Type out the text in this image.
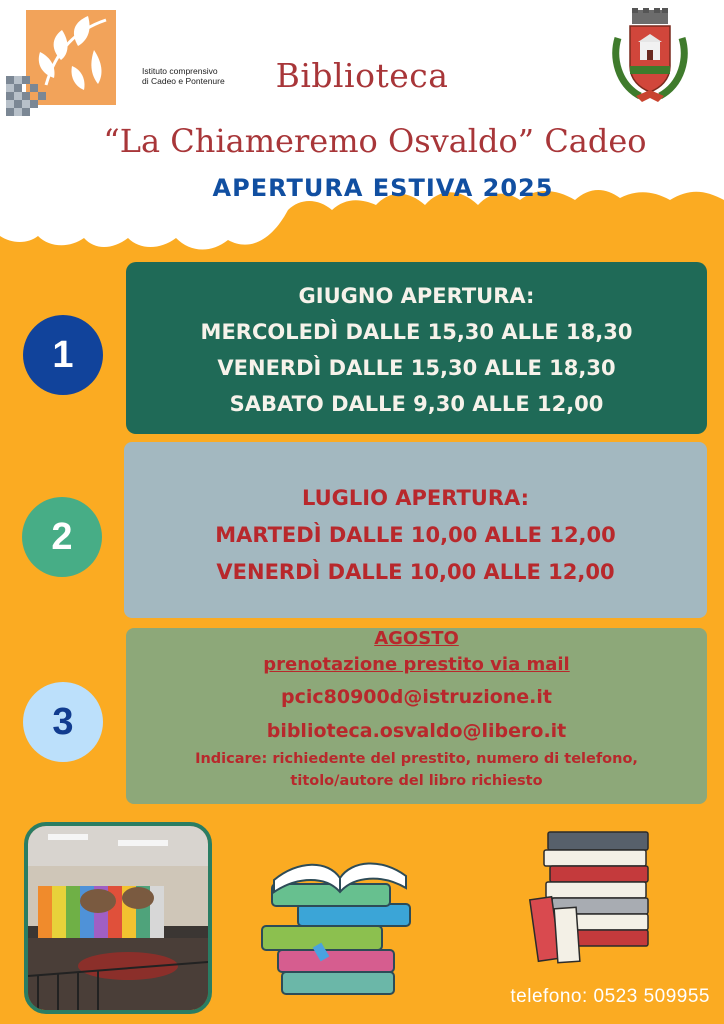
Istituto comprensivo
di Cadeo e Pontenure	Biblioteca
“La Chiameremo Osvaldo” Cadeo
APERTURA ESTIVA 2025
1
GIUGNO APERTURA:
MERCOLEDÌ DALLE 15,30 ALLE 18,30
VENERDÌ DALLE 15,30 ALLE 18,30
SABATO DALLE 9,30 ALLE 12,00
2
LUGLIO APERTURA:
MARTEDÌ DALLE 10,00 ALLE 12,00
VENERDÌ DALLE 10,00 ALLE 12,00
3
AGOSTO
prenotazione prestito via mail
pcic80900d@istruzione.it
biblioteca.osvaldo@libero.it
Indicare: richiedente del prestito, numero di telefono,
titolo/autore del libro richiesto
telefono: 0523 509955
